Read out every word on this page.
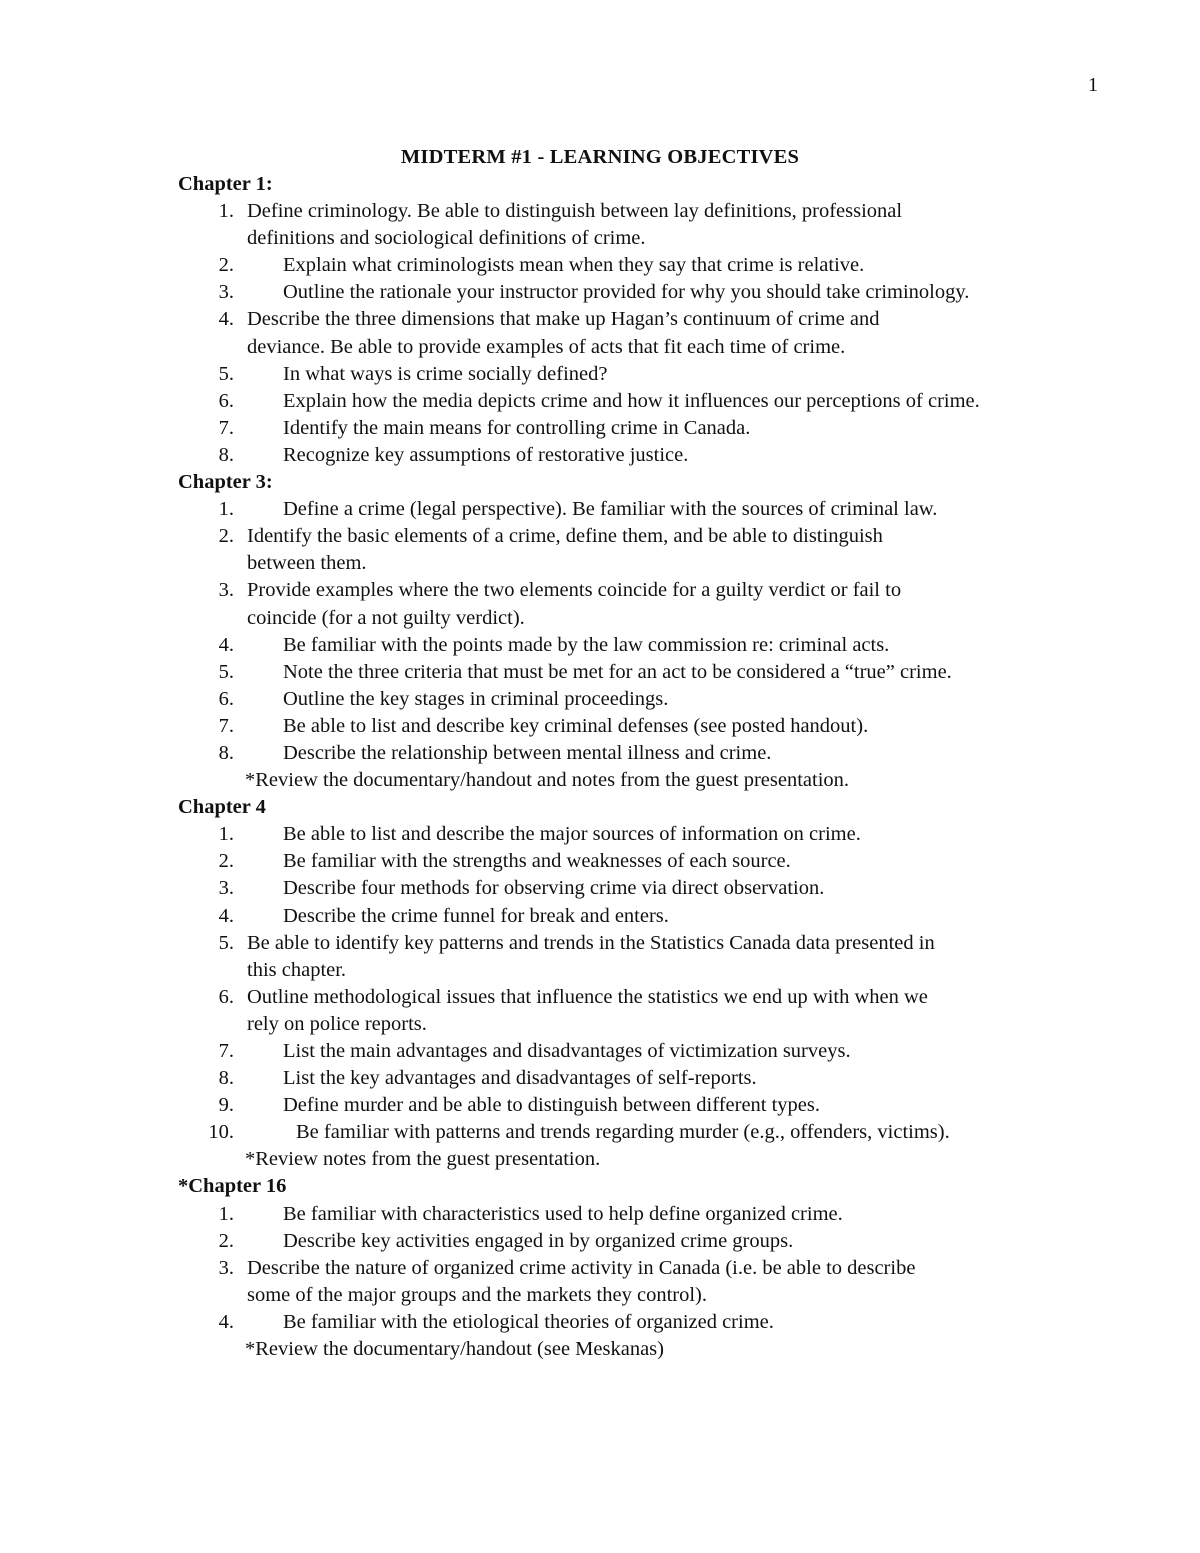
1
MIDTERM #1 - LEARNING OBJECTIVES
Chapter 1:
1. Define criminology. Be able to distinguish between lay definitions, professional
definitions and sociological definitions of crime.
2. Explain what criminologists mean when they say that crime is relative.
3. Outline the rationale your instructor provided for why you should take criminology.
4. Describe the three dimensions that make up Hagan’s continuum of crime and
deviance. Be able to provide examples of acts that fit each time of crime.
5. In what ways is crime socially defined?
6. Explain how the media depicts crime and how it influences our perceptions of crime.
7. Identify the main means for controlling crime in Canada.
8. Recognize key assumptions of restorative justice.
Chapter 3:
1. Define a crime (legal perspective). Be familiar with the sources of criminal law.
2. Identify the basic elements of a crime, define them, and be able to distinguish
between them.
3. Provide examples where the two elements coincide for a guilty verdict or fail to
coincide (for a not guilty verdict).
4. Be familiar with the points made by the law commission re: criminal acts.
5. Note the three criteria that must be met for an act to be considered a “true” crime.
6. Outline the key stages in criminal proceedings.
7. Be able to list and describe key criminal defenses (see posted handout).
8. Describe the relationship between mental illness and crime.
*Review the documentary/handout and notes from the guest presentation.
Chapter 4
1. Be able to list and describe the major sources of information on crime.
2. Be familiar with the strengths and weaknesses of each source.
3. Describe four methods for observing crime via direct observation.
4. Describe the crime funnel for break and enters.
5. Be able to identify key patterns and trends in the Statistics Canada data presented in
this chapter.
6. Outline methodological issues that influence the statistics we end up with when we
rely on police reports.
7. List the main advantages and disadvantages of victimization surveys.
8. List the key advantages and disadvantages of self-reports.
9. Define murder and be able to distinguish between different types.
10.	Be familiar with patterns and trends regarding murder (e.g., offenders, victims).
*Review notes from the guest presentation.
*Chapter 16
1. Be familiar with characteristics used to help define organized crime.
2. Describe key activities engaged in by organized crime groups.
3. Describe the nature of organized crime activity in Canada (i.e. be able to describe
some of the major groups and the markets they control).
4. Be familiar with the etiological theories of organized crime.
*Review the documentary/handout (see Meskanas)
